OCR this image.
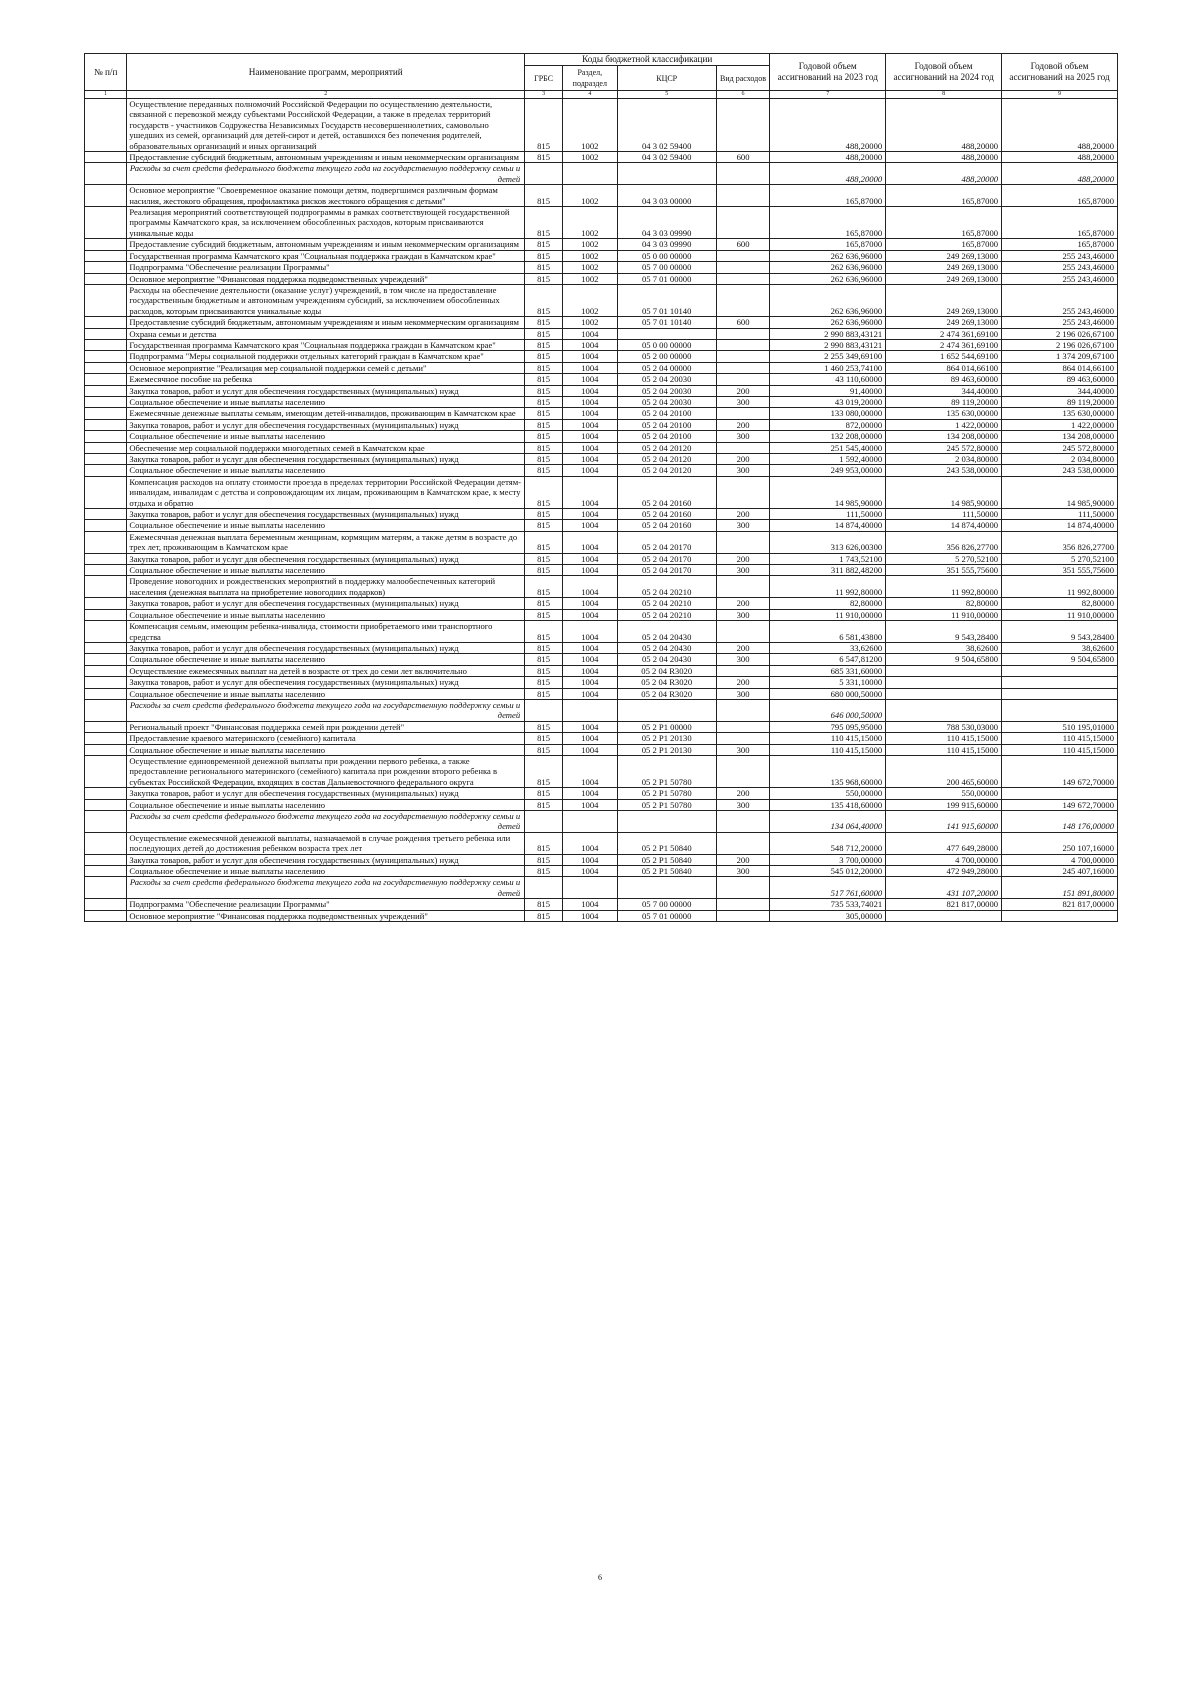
№ п/п	Наименование программ, мероприятий	Коды бюджетной классификации				Годовой объем ассигнований на 2023 год	Годовой объем ассигнований на 2024 год	Годовой объем ассигнований на 2025 год
		ГРБС	Раздел, подраздел	КЦСР	Вид расходов			
1	2	3	4	5	6	7	8	9
	Осуществление переданных полномочий Российской Федерации по осуществлению деятельности, связанной с перевозкой между субъектами Российской Федерации, а также в пределах территорий государств - участников Содружества Независимых Государств несовершеннолетних, самовольно ушедших из семей, организаций для детей-сирот и детей, оставшихся без попечения родителей, образовательных организаций и иных организаций	815	1002	04 3 02 59400		488,20000	488,20000	488,20000
	Предоставление субсидий бюджетным, автономным учреждениям и иным некоммерческим организациям	815	1002	04 3 02 59400	600	488,20000	488,20000	488,20000
	Расходы за счет средств федерального бюджета текущего года на государственную поддержку семьи и детей					488,20000	488,20000	488,20000
	Основное мероприятие "Своевременное оказание помощи детям, подвергшимся различным формам насилия, жестокого обращения, профилактика рисков жестокого обращения с детьми"	815	1002	04 3 03 00000		165,87000	165,87000	165,87000
	Реализация мероприятий соответствующей подпрограммы в рамках соответствующей государственной программы Камчатского края, за исключением обособленных расходов, которым присваиваются уникальные коды	815	1002	04 3 03 09990		165,87000	165,87000	165,87000
	Предоставление субсидий бюджетным, автономным учреждениям и иным некоммерческим организациям	815	1002	04 3 03 09990	600	165,87000	165,87000	165,87000
	Государственная программа Камчатского края "Социальная поддержка граждан в Камчатском крае"	815	1002	05 0 00 00000		262 636,96000	249 269,13000	255 243,46000
	Подпрограмма "Обеспечение реализации Программы"	815	1002	05 7 00 00000		262 636,96000	249 269,13000	255 243,46000
	Основное мероприятие "Финансовая поддержка подведомственных учреждений"	815	1002	05 7 01 00000		262 636,96000	249 269,13000	255 243,46000
	Расходы на обеспечение деятельности (оказание услуг) учреждений, в том числе на предоставление государственным бюджетным и автономным учреждениям субсидий, за исключением обособленных расходов, которым присваиваются уникальные коды	815	1002	05 7 01 10140		262 636,96000	249 269,13000	255 243,46000
	Предоставление субсидий бюджетным, автономным учреждениям и иным некоммерческим организациям	815	1002	05 7 01 10140	600	262 636,96000	249 269,13000	255 243,46000
	Охрана семьи и детства	815	1004			2 990 883,43121	2 474 361,69100	2 196 026,67100
	Государственная программа Камчатского края "Социальная поддержка граждан в Камчатском крае"	815	1004	05 0 00 00000		2 990 883,43121	2 474 361,69100	2 196 026,67100
	Подпрограмма "Меры социальной поддержки отдельных категорий граждан в Камчатском крае"	815	1004	05 2 00 00000		2 255 349,69100	1 652 544,69100	1 374 209,67100
	Основное мероприятие "Реализация мер социальной поддержки семей с детьми"	815	1004	05 2 04 00000		1 460 253,74100	864 014,66100	864 014,66100
	Ежемесячное пособие на ребенка	815	1004	05 2 04 20030		43 110,60000	89 463,60000	89 463,60000
	Закупка товаров, работ и услуг для обеспечения государственных (муниципальных) нужд	815	1004	05 2 04 20030	200	91,40000	344,40000	344,40000
	Социальное обеспечение и иные выплаты населению	815	1004	05 2 04 20030	300	43 019,20000	89 119,20000	89 119,20000
	Ежемесячные денежные выплаты семьям, имеющим детей-инвалидов, проживающим в Камчатском крае	815	1004	05 2 04 20100		133 080,00000	135 630,00000	135 630,00000
	Закупка товаров, работ и услуг для обеспечения государственных (муниципальных) нужд	815	1004	05 2 04 20100	200	872,00000	1 422,00000	1 422,00000
	Социальное обеспечение и иные выплаты населению	815	1004	05 2 04 20100	300	132 208,00000	134 208,00000	134 208,00000
	Обеспечение мер социальной поддержки многодетных семей в Камчатском крае	815	1004	05 2 04 20120		251 545,40000	245 572,80000	245 572,80000
	Закупка товаров, работ и услуг для обеспечения государственных (муниципальных) нужд	815	1004	05 2 04 20120	200	1 592,40000	2 034,80000	2 034,80000
	Социальное обеспечение и иные выплаты населению	815	1004	05 2 04 20120	300	249 953,00000	243 538,00000	243 538,00000
	Компенсация расходов на оплату стоимости проезда в пределах территории Российской Федерации детям-инвалидам, инвалидам с детства и сопровождающим их лицам, проживающим в Камчатском крае, к месту отдыха и обратно	815	1004	05 2 04 20160		14 985,90000	14 985,90000	14 985,90000
	Закупка товаров, работ и услуг для обеспечения государственных (муниципальных) нужд	815	1004	05 2 04 20160	200	111,50000	111,50000	111,50000
	Социальное обеспечение и иные выплаты населению	815	1004	05 2 04 20160	300	14 874,40000	14 874,40000	14 874,40000
	Ежемесячная денежная выплата беременным женщинам, кормящим матерям, а также детям в возрасте до трех лет, проживающим в Камчатском крае	815	1004	05 2 04 20170		313 626,00300	356 826,27700	356 826,27700
	Закупка товаров, работ и услуг для обеспечения государственных (муниципальных) нужд	815	1004	05 2 04 20170	200	1 743,52100	5 270,52100	5 270,52100
	Социальное обеспечение и иные выплаты населению	815	1004	05 2 04 20170	300	311 882,48200	351 555,75600	351 555,75600
	Проведение новогодних и рождественских мероприятий в поддержку малообеспеченных категорий населения (денежная выплата на приобретение новогодних подарков)	815	1004	05 2 04 20210		11 992,80000	11 992,80000	11 992,80000
	Закупка товаров, работ и услуг для обеспечения государственных (муниципальных) нужд	815	1004	05 2 04 20210	200	82,80000	82,80000	82,80000
	Социальное обеспечение и иные выплаты населению	815	1004	05 2 04 20210	300	11 910,00000	11 910,00000	11 910,00000
	Компенсация семьям, имеющим ребенка-инвалида, стоимости приобретаемого ими транспортного средства	815	1004	05 2 04 20430		6 581,43800	9 543,28400	9 543,28400
	Закупка товаров, работ и услуг для обеспечения государственных (муниципальных) нужд	815	1004	05 2 04 20430	200	33,62600	38,62600	38,62600
	Социальное обеспечение и иные выплаты населению	815	1004	05 2 04 20430	300	6 547,81200	9 504,65800	9 504,65800
	Осуществление ежемесячных выплат на детей в возрасте от трех до семи лет включительно	815	1004	05 2 04 R3020		685 331,60000		
	Закупка товаров, работ и услуг для обеспечения государственных (муниципальных) нужд	815	1004	05 2 04 R3020	200	5 331,10000		
	Социальное обеспечение и иные выплаты населению	815	1004	05 2 04 R3020	300	680 000,50000		
	Расходы за счет средств федерального бюджета текущего года на государственную поддержку семьи и детей					646 000,50000		
	Региональный проект "Финансовая поддержка семей при рождении детей"	815	1004	05 2 P1 00000		795 095,95000	788 530,03000	510 195,01000
	Предоставление краевого материнского (семейного) капитала	815	1004	05 2 P1 20130		110 415,15000	110 415,15000	110 415,15000
	Социальное обеспечение и иные выплаты населению	815	1004	05 2 P1 20130	300	110 415,15000	110 415,15000	110 415,15000
	Осуществление единовременной денежной выплаты при рождении первого ребенка, а также предоставление регионального материнского (семейного) капитала при рождении второго ребенка в субъектах Российской Федерации, входящих в состав Дальневосточного федерального округа	815	1004	05 2 P1 50780		135 968,60000	200 465,60000	149 672,70000
	Закупка товаров, работ и услуг для обеспечения государственных (муниципальных) нужд	815	1004	05 2 P1 50780	200	550,00000	550,00000	
	Социальное обеспечение и иные выплаты населению	815	1004	05 2 P1 50780	300	135 418,60000	199 915,60000	149 672,70000
	Расходы за счет средств федерального бюджета текущего года на государственную поддержку семьи и детей					134 064,40000	141 915,60000	148 176,00000
	Осуществление ежемесячной денежной выплаты, назначаемой в случае рождения третьего ребенка или последующих детей до достижения ребенком возраста трех лет	815	1004	05 2 P1 50840		548 712,20000	477 649,28000	250 107,16000
	Закупка товаров, работ и услуг для обеспечения государственных (муниципальных) нужд	815	1004	05 2 P1 50840	200	3 700,00000	4 700,00000	4 700,00000
	Социальное обеспечение и иные выплаты населению	815	1004	05 2 P1 50840	300	545 012,20000	472 949,28000	245 407,16000
	Расходы за счет средств федерального бюджета текущего года на государственную поддержку семьи и детей					517 761,60000	431 107,20000	151 891,80000
	Подпрограмма "Обеспечение реализации Программы"	815	1004	05 7 00 00000		735 533,74021	821 817,00000	821 817,00000
	Основное мероприятие "Финансовая поддержка подведомственных учреждений"	815	1004	05 7 01 00000		305,00000		
6
